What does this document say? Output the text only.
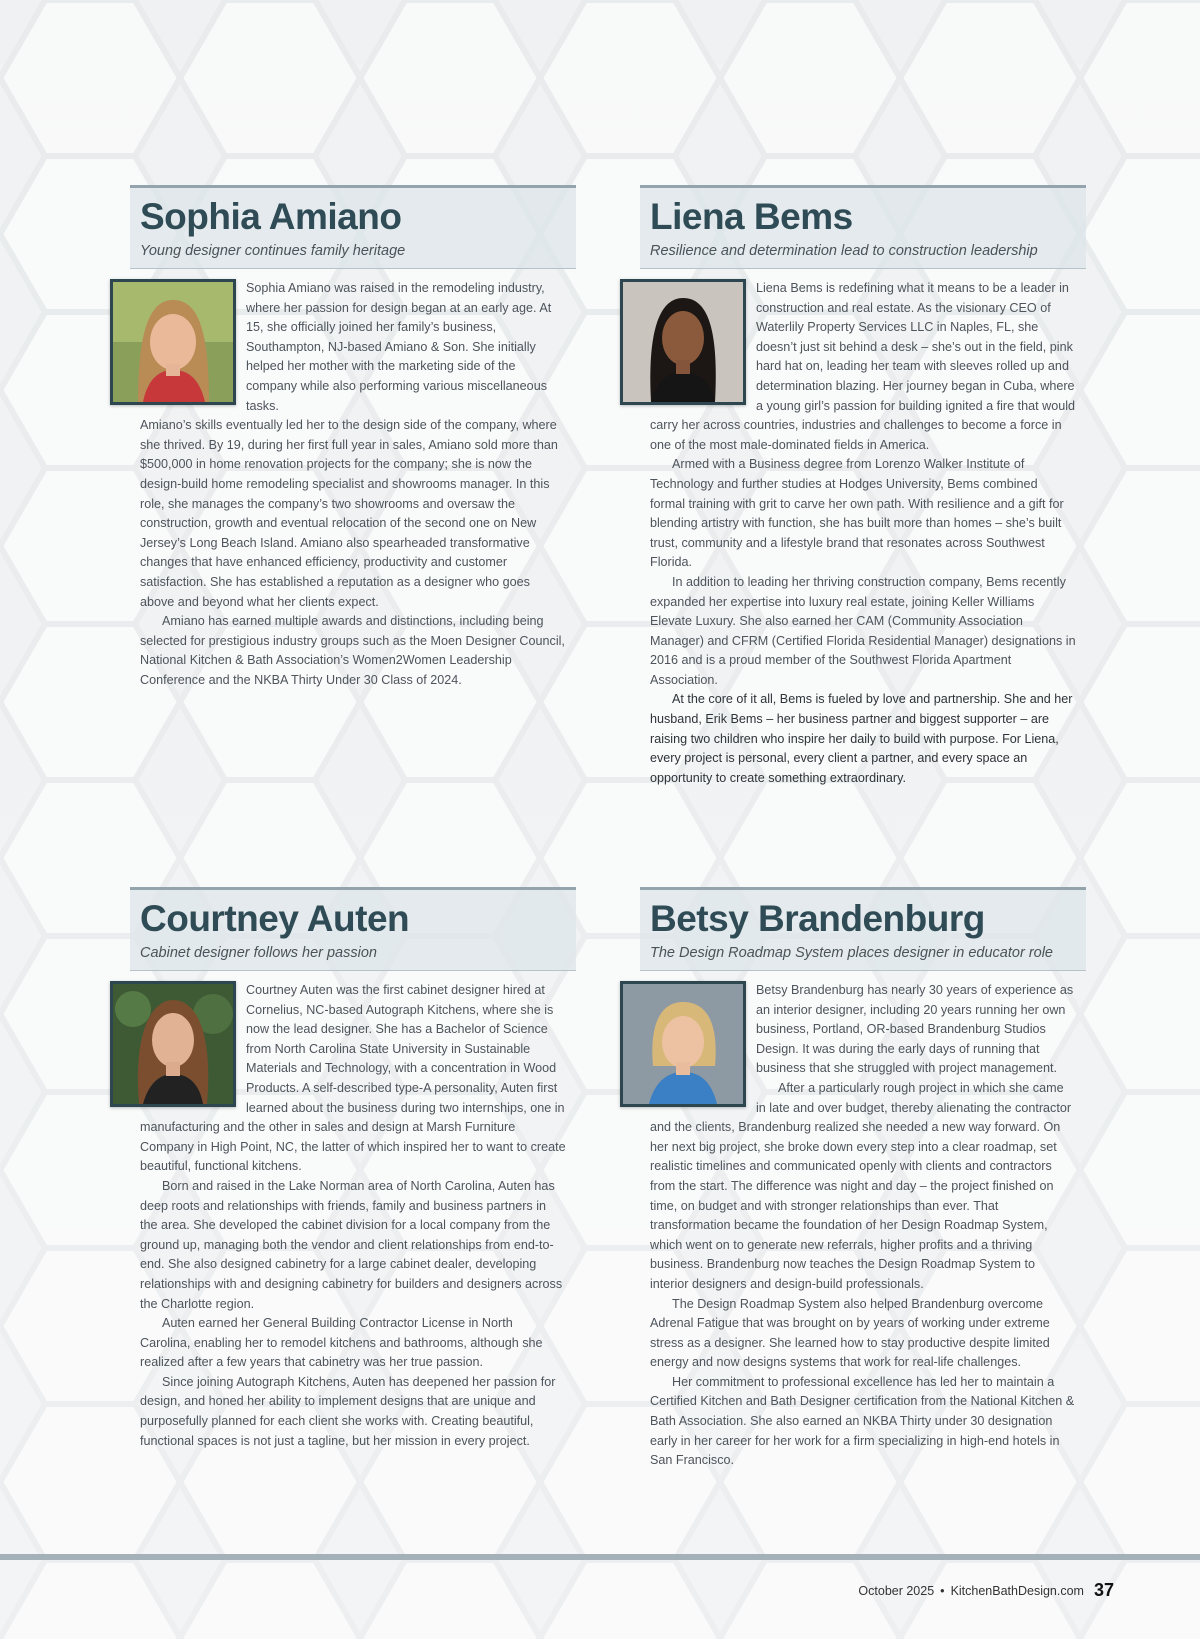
Sophia Amiano

Young designer continues family heritage

Sophia Amiano was raised in the remodeling industry, where her passion for design began at an early age. At 15, she officially joined her family’s business, Southampton, NJ-based Amiano & Son. She initially helped her mother with the marketing side of the company while also performing various miscellaneous tasks.

Amiano’s skills eventually led her to the design side of the company, where she thrived. By 19, during her first full year in sales, Amiano sold more than $500,000 in home renovation projects for the company; she is now the design-build home remodeling specialist and showrooms manager. In this role, she manages the company’s two showrooms and oversaw the construction, growth and eventual relocation of the second one on New Jersey’s Long Beach Island. Amiano also spearheaded transformative changes that have enhanced efficiency, productivity and customer satisfaction. She has established a reputation as a designer who goes above and beyond what her clients expect.

Amiano has earned multiple awards and distinctions, including being selected for prestigious industry groups such as the Moen Designer Council, National Kitchen & Bath Association’s Women2Women Leadership Conference and the NKBA Thirty Under 30 Class of 2024.

Liena Bems

Resilience and determination lead to construction leadership

Liena Bems is redefining what it means to be a leader in construction and real estate. As the visionary CEO of Waterlily Property Services LLC in Naples, FL, she doesn’t just sit behind a desk – she’s out in the field, pink hard hat on, leading her team with sleeves rolled up and determination blazing. Her journey began in Cuba, where a young girl’s passion for building ignited a fire that would carry her across countries, industries and challenges to become a force in one of the most male-dominated fields in America.

Armed with a Business degree from Lorenzo Walker Institute of Technology and further studies at Hodges University, Bems combined formal training with grit to carve her own path. With resilience and a gift for blending artistry with function, she has built more than homes – she’s built trust, community and a lifestyle brand that resonates across Southwest Florida.

In addition to leading her thriving construction company, Bems recently expanded her expertise into luxury real estate, joining Keller Williams Elevate Luxury. She also earned her CAM (Community Association Manager) and CFRM (Certified Florida Residential Manager) designations in 2016 and is a proud member of the Southwest Florida Apartment Association.

At the core of it all, Bems is fueled by love and partnership. She and her husband, Erik Bems – her business partner and biggest supporter – are raising two children who inspire her daily to build with purpose. For Liena, every project is personal, every client a partner, and every space an opportunity to create something extraordinary.

Courtney Auten

Cabinet designer follows her passion

Courtney Auten was the first cabinet designer hired at Cornelius, NC-based Autograph Kitchens, where she is now the lead designer. She has a Bachelor of Science from North Carolina State University in Sustainable Materials and Technology, with a concentration in Wood Products. A self-described type-A personality, Auten first learned about the business during two internships, one in manufacturing and the other in sales and design at Marsh Furniture Company in High Point, NC, the latter of which inspired her to want to create beautiful, functional kitchens.

Born and raised in the Lake Norman area of North Carolina, Auten has deep roots and relationships with friends, family and business partners in the area. She developed the cabinet division for a local company from the ground up, managing both the vendor and client relationships from end-to-end. She also designed cabinetry for a large cabinet dealer, developing relationships with and designing cabinetry for builders and designers across the Charlotte region.

Auten earned her General Building Contractor License in North Carolina, enabling her to remodel kitchens and bathrooms, although she realized after a few years that cabinetry was her true passion.

Since joining Autograph Kitchens, Auten has deepened her passion for design, and honed her ability to implement designs that are unique and purposefully planned for each client she works with. Creating beautiful, functional spaces is not just a tagline, but her mission in every project.

Betsy Brandenburg

The Design Roadmap System places designer in educator role

Betsy Brandenburg has nearly 30 years of experience as an interior designer, including 20 years running her own business, Portland, OR-based Brandenburg Studios Design. It was during the early days of running that business that she struggled with project management.

After a particularly rough project in which she came in late and over budget, thereby alienating the contractor and the clients, Brandenburg realized she needed a new way forward. On her next big project, she broke down every step into a clear roadmap, set realistic timelines and communicated openly with clients and contractors from the start. The difference was night and day – the project finished on time, on budget and with stronger relationships than ever. That transformation became the foundation of her Design Roadmap System, which went on to generate new referrals, higher profits and a thriving business. Brandenburg now teaches the Design Roadmap System to interior designers and design-build professionals.

The Design Roadmap System also helped Brandenburg overcome Adrenal Fatigue that was brought on by years of working under extreme stress as a designer. She learned how to stay productive despite limited energy and now designs systems that work for real-life challenges.

Her commitment to professional excellence has led her to maintain a Certified Kitchen and Bath Designer certification from the National Kitchen & Bath Association. She also earned an NKBA Thirty under 30 designation early in her career for her work for a firm specializing in high-end hotels in San Francisco.

October 2025 • KitchenBathDesign.com 37
